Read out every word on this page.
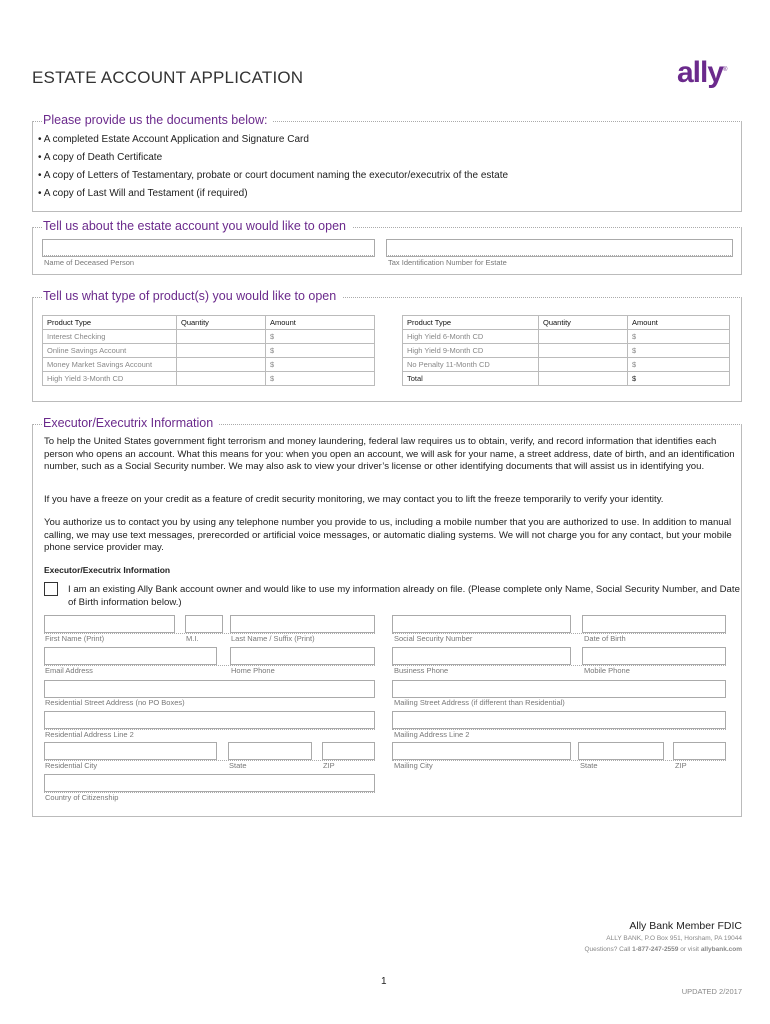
ESTATE ACCOUNT APPLICATION	ally®
Please provide us the documents below:
• A completed Estate Account Application and Signature Card
• A copy of Death Certificate
• A copy of Letters of Testamentary, probate or court document naming the executor/executrix of the estate
• A copy of Last Will and Testament (if required)
Tell us about the estate account you would like to open
Name of Deceased Person	Tax Identification Number for Estate
Tell us what type of product(s) you would like to open
Product Type	Quantity	Amount
Interest Checking		$
Online Savings Account		$
Money Market Savings Account		$
High Yield 3-Month CD		$
Product Type	Quantity	Amount
High Yield 6-Month CD		$
High Yield 9-Month CD		$
No Penalty 11-Month CD		$
Total		$
Executor/Executrix Information
To help the United States government fight terrorism and money laundering, federal law requires us to obtain, verify, and record information that identifies each person who opens an account. What this means for you: when you open an account, we will ask for your name, a street address, date of birth, and an identification number, such as a Social Security number. We may also ask to view your driver’s license or other identifying documents that will assist us in identifying you.
If you have a freeze on your credit as a feature of credit security monitoring, we may contact you to lift the freeze temporarily to verify your identity.
You authorize us to contact you by using any telephone number you provide to us, including a mobile number that you are authorized to use. In addition to manual calling, we may use text messages, prerecorded or artificial voice messages, or automatic dialing systems. We will not charge you for any contact, but your mobile phone service provider may.
Executor/Executrix Information
I am an existing Ally Bank account owner and would like to use my information already on file. (Please complete only Name, Social Security Number, and Date of Birth information below.)
First Name (Print)	M.I.	Last Name / Suffix (Print)	Social Security Number	Date of Birth
Email Address	Home Phone	Business Phone	Mobile Phone
Residential Street Address (no PO Boxes)	Mailing Street Address (if different than Residential)
Residential Address Line 2	Mailing Address Line 2
Residential City	State	ZIP	Mailing City	State	ZIP
Country of Citizenship
Ally Bank Member FDIC
ALLY BANK, P.O Box 951, Horsham, PA 19044
Questions? Call 1-877-247-2559 or visit allybank.com
1
UPDATED 2/2017
